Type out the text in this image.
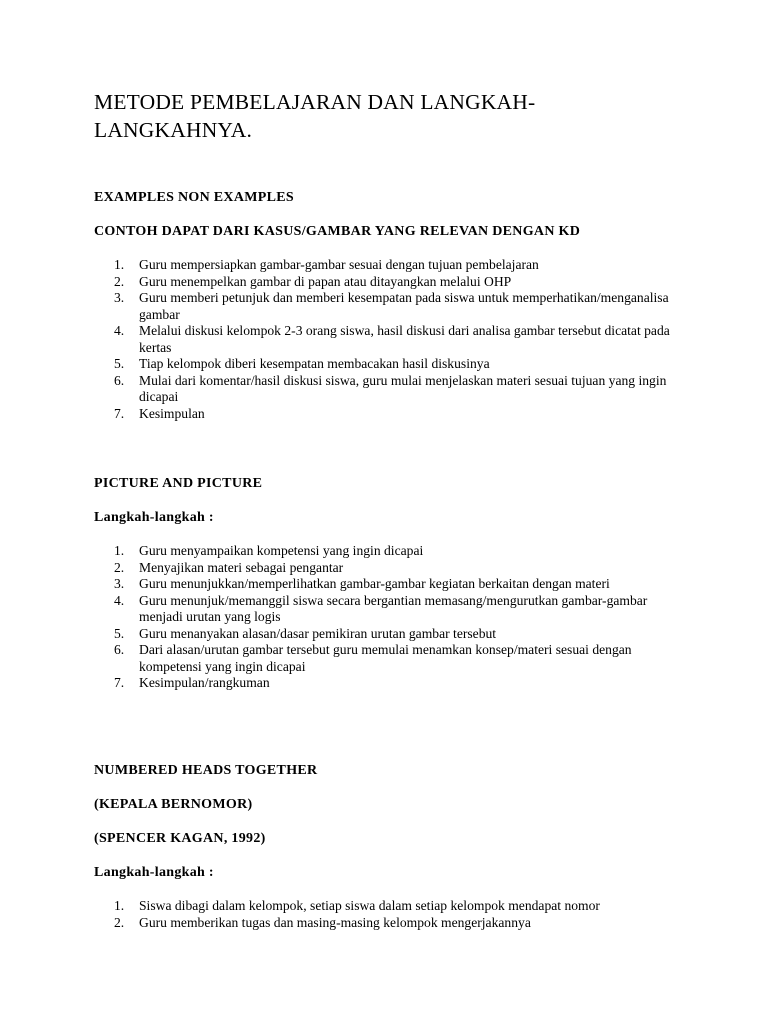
METODE PEMBELAJARAN DAN LANGKAH-LANGKAHNYA.

EXAMPLES NON EXAMPLES

CONTOH DAPAT DARI KASUS/GAMBAR YANG RELEVAN DENGAN KD

1. Guru mempersiapkan gambar-gambar sesuai dengan tujuan pembelajaran
2. Guru menempelkan gambar di papan atau ditayangkan melalui OHP
3. Guru memberi petunjuk dan memberi kesempatan pada siswa untuk memperhatikan/menganalisa gambar
4. Melalui diskusi kelompok 2-3 orang siswa, hasil diskusi dari analisa gambar tersebut dicatat pada kertas
5. Tiap kelompok diberi kesempatan membacakan hasil diskusinya
6. Mulai dari komentar/hasil diskusi siswa, guru mulai menjelaskan materi sesuai tujuan yang ingin dicapai
7. Kesimpulan

PICTURE AND PICTURE

Langkah-langkah :

1. Guru menyampaikan kompetensi yang ingin dicapai
2. Menyajikan materi sebagai pengantar
3. Guru menunjukkan/memperlihatkan gambar-gambar kegiatan berkaitan dengan materi
4. Guru menunjuk/memanggil siswa secara bergantian memasang/mengurutkan gambar-gambar menjadi urutan yang logis
5. Guru menanyakan alasan/dasar pemikiran urutan gambar tersebut
6. Dari alasan/urutan gambar tersebut guru memulai menamkan konsep/materi sesuai dengan kompetensi yang ingin dicapai
7. Kesimpulan/rangkuman

NUMBERED HEADS TOGETHER

(KEPALA BERNOMOR)

(SPENCER KAGAN, 1992)

Langkah-langkah :

1. Siswa dibagi dalam kelompok, setiap siswa dalam setiap kelompok mendapat nomor
2. Guru memberikan tugas dan masing-masing kelompok mengerjakannya
